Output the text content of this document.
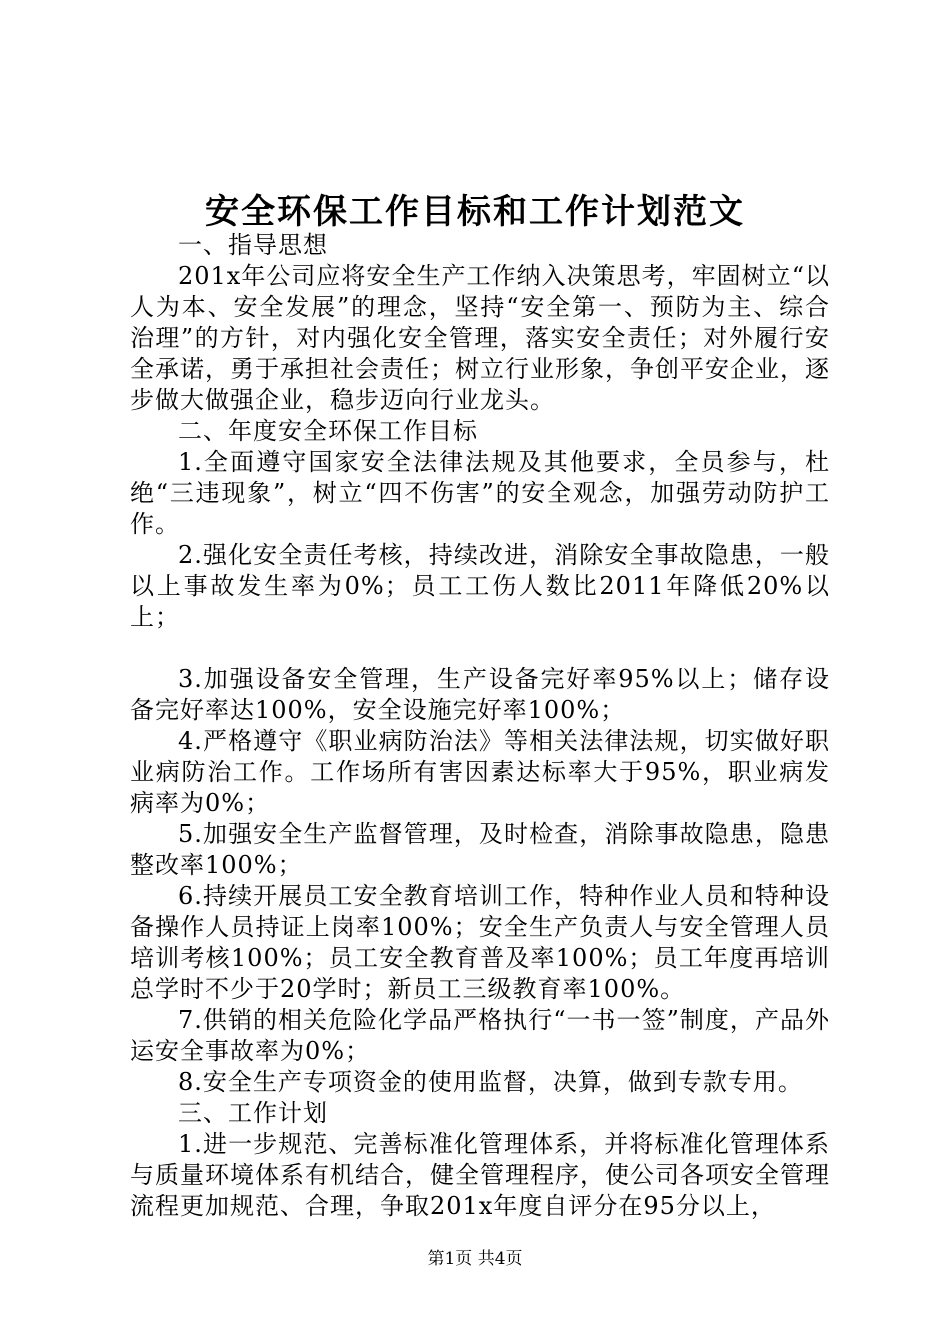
安全环保工作目标和工作计划范文

一、指导思想

201x年公司应将安全生产工作纳入决策思考，牢固树立“以人为本、安全发展”的理念，坚持“安全第一、预防为主、综合治理”的方针，对内强化安全管理，落实安全责任；对外履行安全承诺，勇于承担社会责任；树立行业形象，争创平安企业，逐步做大做强企业，稳步迈向行业龙头。

二、年度安全环保工作目标

1.全面遵守国家安全法律法规及其他要求，全员参与，杜绝“三违现象”，树立“四不伤害”的安全观念，加强劳动防护工作。

2.强化安全责任考核，持续改进，消除安全事故隐患，一般以上事故发生率为0%；员工工伤人数比2011年降低20%以上；

3.加强设备安全管理，生产设备完好率95%以上；储存设备完好率达100%，安全设施完好率100%；

4.严格遵守《职业病防治法》等相关法律法规，切实做好职业病防治工作。工作场所有害因素达标率大于95%，职业病发病率为0%；

5.加强安全生产监督管理，及时检查，消除事故隐患，隐患整改率100%；

6.持续开展员工安全教育培训工作，特种作业人员和特种设备操作人员持证上岗率100%；安全生产负责人与安全管理人员培训考核100%；员工安全教育普及率100%；员工年度再培训总学时不少于20学时；新员工三级教育率100%。

7.供销的相关危险化学品严格执行“一书一签”制度，产品外运安全事故率为0%；

8.安全生产专项资金的使用监督，决算，做到专款专用。

三、工作计划

1.进一步规范、完善标准化管理体系，并将标准化管理体系与质量环境体系有机结合，健全管理程序，使公司各项安全管理流程更加规范、合理，争取201x年度自评分在95分以上，

第1页 共4页
